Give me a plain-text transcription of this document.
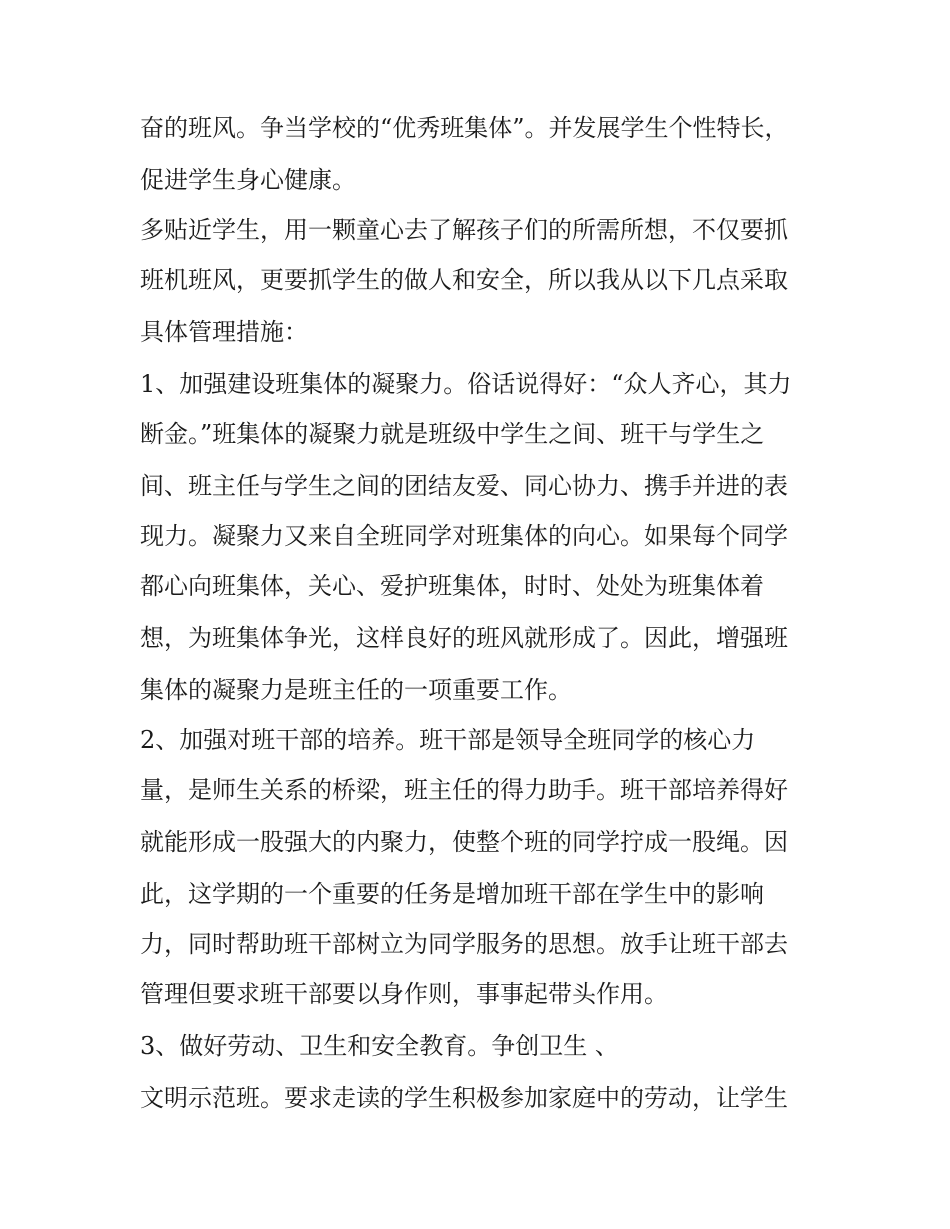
奋的班风。争当学校的“优秀班集体”。并发展学生个性特长，
促进学生身心健康。
多贴近学生，用一颗童心去了解孩子们的所需所想，不仅要抓
班机班风，更要抓学生的做人和安全，所以我从以下几点采取
具体管理措施：
1、加强建设班集体的凝聚力。俗话说得好：“众人齐心，其力
断金。”班集体的凝聚力就是班级中学生之间、班干与学生之
间、班主任与学生之间的团结友爱、同心协力、携手并进的表
现力。凝聚力又来自全班同学对班集体的向心。如果每个同学
都心向班集体，关心、爱护班集体，时时、处处为班集体着
想，为班集体争光，这样良好的班风就形成了。因此，增强班
集体的凝聚力是班主任的一项重要工作。
2、加强对班干部的培养。班干部是领导全班同学的核心力
量，是师生关系的桥梁，班主任的得力助手。班干部培养得好
就能形成一股强大的内聚力，使整个班的同学拧成一股绳。因
此，这学期的一个重要的任务是增加班干部在学生中的影响
力，同时帮助班干部树立为同学服务的思想。放手让班干部去
管理但要求班干部要以身作则，事事起带头作用。
3、做好劳动、卫生和安全教育。争创卫生 、
文明示范班。要求走读的学生积极参加家庭中的劳动，让学生
